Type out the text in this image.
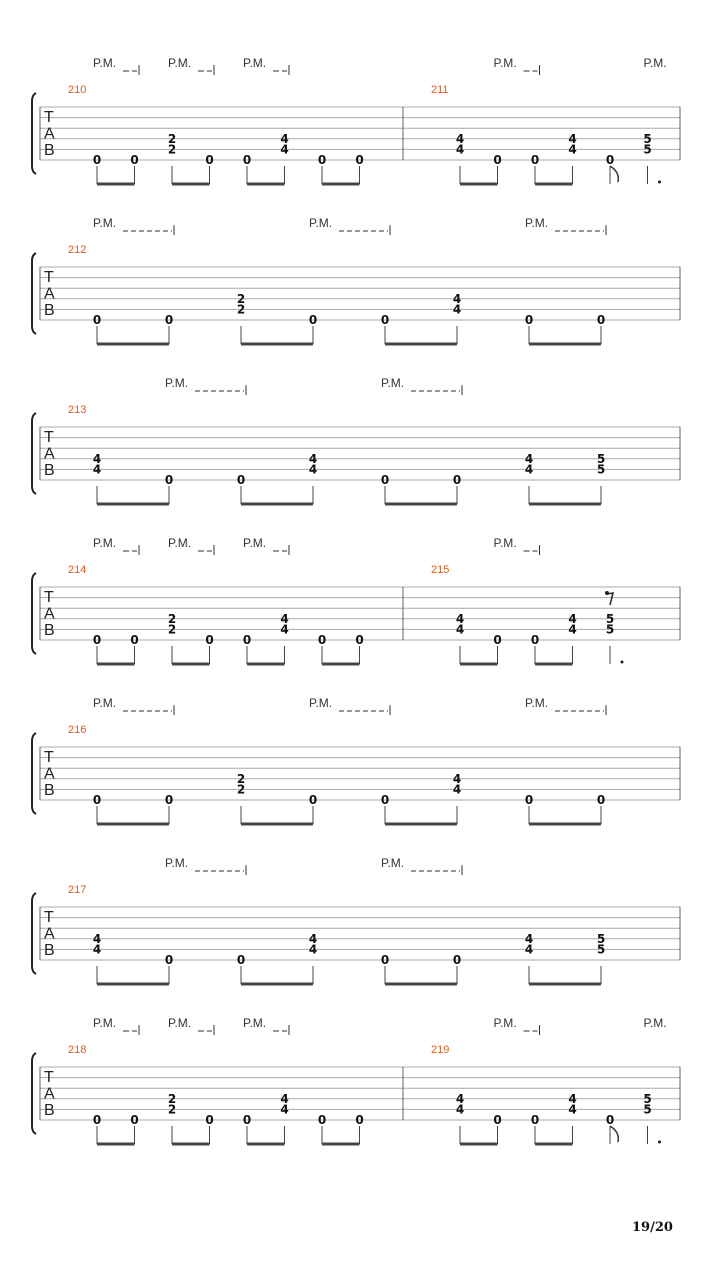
T
A
B
210
P.M.	P.M.	P.M.
0 0
2
2
0 0
4
4
0 0
211
P.M.	P.M.
4
4
0 0
4
4
0
5
5
T
A
B
212
P.M.	P.M.	P.M.
0	0
2
2
0	0
4
4
0	0
T
A
B
213
P.M.	P.M.
4
4
0	0
4
4
0	0
4
4
5
5
T
A
B
214
P.M.	P.M.	P.M.
0 0
2
2
0 0
4
4
0 0
215
P.M.
4
4
0 0
4
4
5
5
T
A
B
216
P.M.	P.M.	P.M.
0	0
2
2
0	0
4
4
0	0
T
A
B
217
P.M.	P.M.
4
4
0	0
4
4
0	0
4
4
5
5
T
A
B
218
P.M.	P.M.	P.M.
0 0
2
2
0 0
4
4
0 0
219
P.M.	P.M.
4
4
0 0
4
4
0
5
5
19/20
